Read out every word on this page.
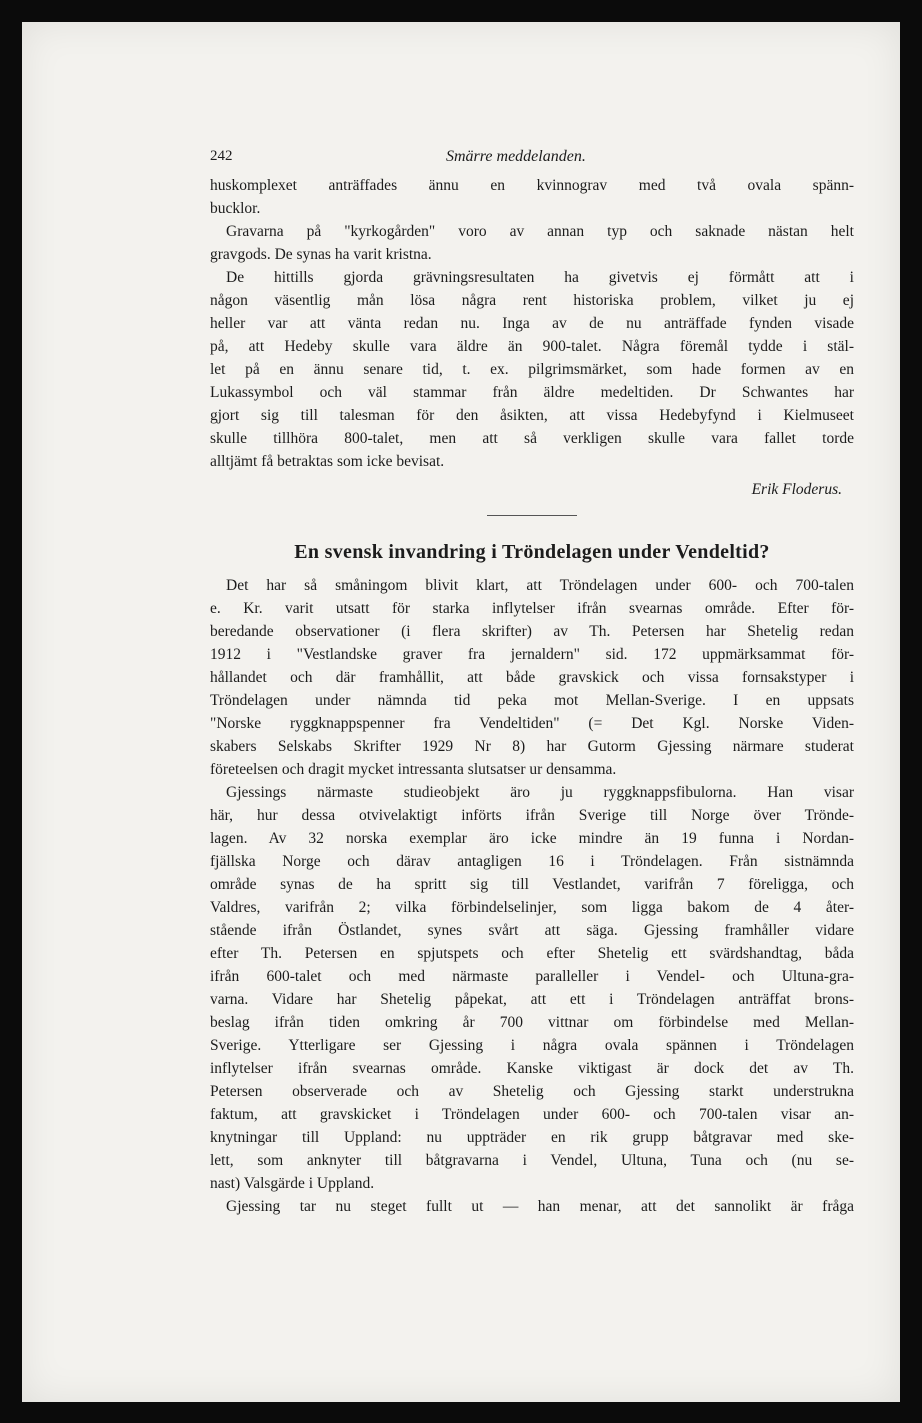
242	Smärre meddelanden.
huskomplexet anträffades ännu en kvinnograv med två ovala spänn-
bucklor.
Gravarna på "kyrkogården" voro av annan typ och saknade nästan helt
gravgods. De synas ha varit kristna.
De hittills gjorda grävningsresultaten ha givetvis ej förmått att i
någon väsentlig mån lösa några rent historiska problem, vilket ju ej
heller var att vänta redan nu. Inga av de nu anträffade fynden visade
på, att Hedeby skulle vara äldre än 900-talet. Några föremål tydde i stäl-
let på en ännu senare tid, t. ex. pilgrimsmärket, som hade formen av en
Lukassymbol och väl stammar från äldre medeltiden. Dr Schwantes har
gjort sig till talesman för den åsikten, att vissa Hedebyfynd i Kielmuseet
skulle tillhöra 800-talet, men att så verkligen skulle vara fallet torde
alltjämt få betraktas som icke bevisat.
Erik Floderus.
En svensk invandring i Tröndelagen under Vendeltid?
Det har så småningom blivit klart, att Tröndelagen under 600- och 700-talen
e. Kr. varit utsatt för starka inflytelser ifrån svearnas område. Efter för-
beredande observationer (i flera skrifter) av Th. Petersen har Shetelig redan
1912 i "Vestlandske graver fra jernaldern" sid. 172 uppmärksammat för-
hållandet och där framhållit, att både gravskick och vissa fornsakstyper i
Tröndelagen under nämnda tid peka mot Mellan-Sverige. I en uppsats
"Norske ryggknappspenner fra Vendeltiden" (= Det Kgl. Norske Viden-
skabers Selskabs Skrifter 1929 Nr 8) har Gutorm Gjessing närmare studerat
företeelsen och dragit mycket intressanta slutsatser ur densamma.
Gjessings närmaste studieobjekt äro ju ryggknappsfibulorna. Han visar
här, hur dessa otvivelaktigt införts ifrån Sverige till Norge över Tröndе-
lagen. Av 32 norska exemplar äro icke mindre än 19 funna i Nordan-
fjällska Norge och därav antagligen 16 i Tröndelagen. Från sistnämnda
område synas de ha spritt sig till Vestlandet, varifrån 7 föreligga, och
Valdres, varifrån 2; vilka förbindelselinjer, som ligga bakom de 4 åter-
stående ifrån Östlandet, synes svårt att säga. Gjessing framhåller vidare
efter Th. Petersen en spjutspets och efter Shetelig ett svärdshandtag, båda
ifrån 600-talet och med närmaste paralleller i Vendel- och Ultuna-gra-
varna. Vidare har Shetelig påpekat, att ett i Tröndelagen anträffat brons-
beslag ifrån tiden omkring år 700 vittnar om förbindelse med Mellan-
Sverige. Ytterligare ser Gjessing i några ovala spännen i Tröndelagen
inflytelser ifrån svearnas område. Kanske viktigast är dock det av Th.
Petersen observerade och av Shetelig och Gjessing starkt understrukna
faktum, att gravskicket i Tröndelagen under 600- och 700-talen visar an-
knytningar till Uppland: nu uppträder en rik grupp båtgravar med ske-
lett, som anknyter till båtgravarna i Vendel, Ultuna, Tuna och (nu se-
nast) Valsgärde i Uppland.
Gjessing tar nu steget fullt ut — han menar, att det sannolikt är fråga
